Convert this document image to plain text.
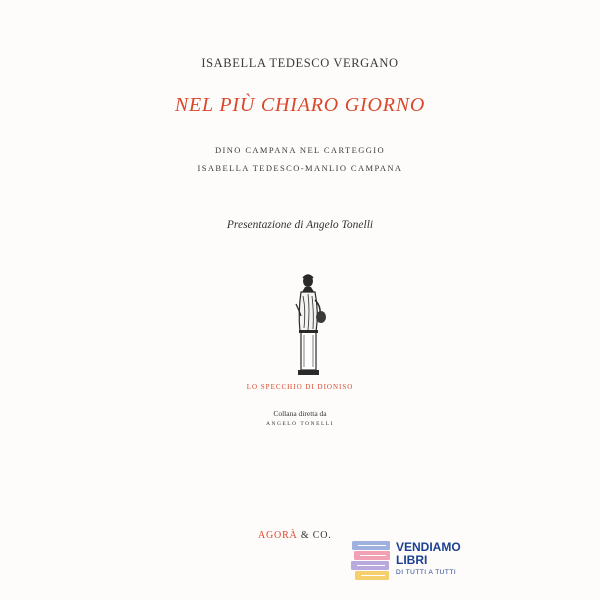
ISABELLA TEDESCO VERGANO
NEL PIÙ CHIARO GIORNO
DINO CAMPANA NEL CARTEGGIO
ISABELLA TEDESCO-MANLIO CAMPANA
Presentazione di Angelo Tonelli
LO SPECCHIO DI DIONISO
Collana diretta da
ANGELO TONELLI
AGORÀ & CO.
VENDIAMO
LIBRI
DI TUTTI A TUTTI
